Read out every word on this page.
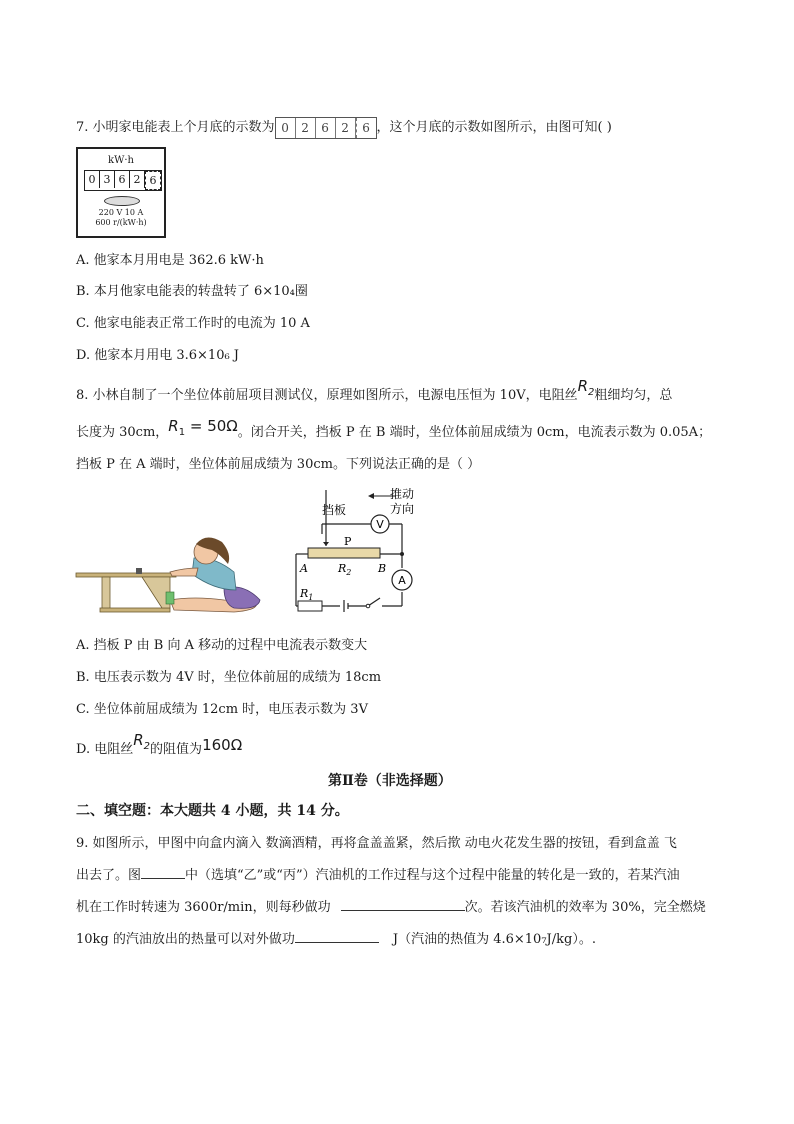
7. 小明家电能表上个月底的示数为 0	2	6	2	6 ，这个月底的示数如图所示，由图可知( )
kW·h
0 3 6 2 6
220 V 10 A
600 r/(kW·h)
A. 他家本月用电是 362.6 kW·h
B. 本月他家电能表的转盘转了 6×10₄圈
C. 他家电能表正常工作时的电流为 10 A
D. 他家本月用电 3.6×10₆ J
8. 小林自制了一个坐位体前屈项目测试仪，原理如图所示，电源电压恒为 10V，电阻丝$R_2$粗细均匀，总
长度为 30cm，$R_1 = 50\Omega$。闭合开关，挡板 P 在 B 端时，坐位体前屈成绩为 0cm，电流表示数为 0.05A；
挡板 P 在 A 端时，坐位体前屈成绩为 30cm。下列说法正确的是（ ）
V
A
挡板
推动
方向
P
A	B
$R_2$
$R_1$
A. 挡板 P 由 B 向 A 移动的过程中电流表示数变大
B. 电压表示数为 4V 时，坐位体前屈的成绩为 18cm
C. 坐位体前屈成绩为 12cm 时，电压表示数为 3V
D. 电阻丝$R_2$的阻值为160Ω
第Ⅱ卷（非选择题）
二、填空题：本大题共 4 小题，共 14 分。
9. 如图所示，甲图中向盒内滴入 数滴酒精，再将盒盖盖紧，然后揿 动电火花发生器的按钮，看到盒盖 飞
出去了。图	中（选填“乙”或“丙”）汽油机的工作过程与这个过程中能量的转化是一致的，若某汽油
机在工作时转速为 3600r/min，则每秒做功	次。若该汽油机的效率为 30%，完全燃烧
10kg 的汽油放出的热量可以对外做功	J（汽油的热值为 4.6×10₇J/kg）。.
